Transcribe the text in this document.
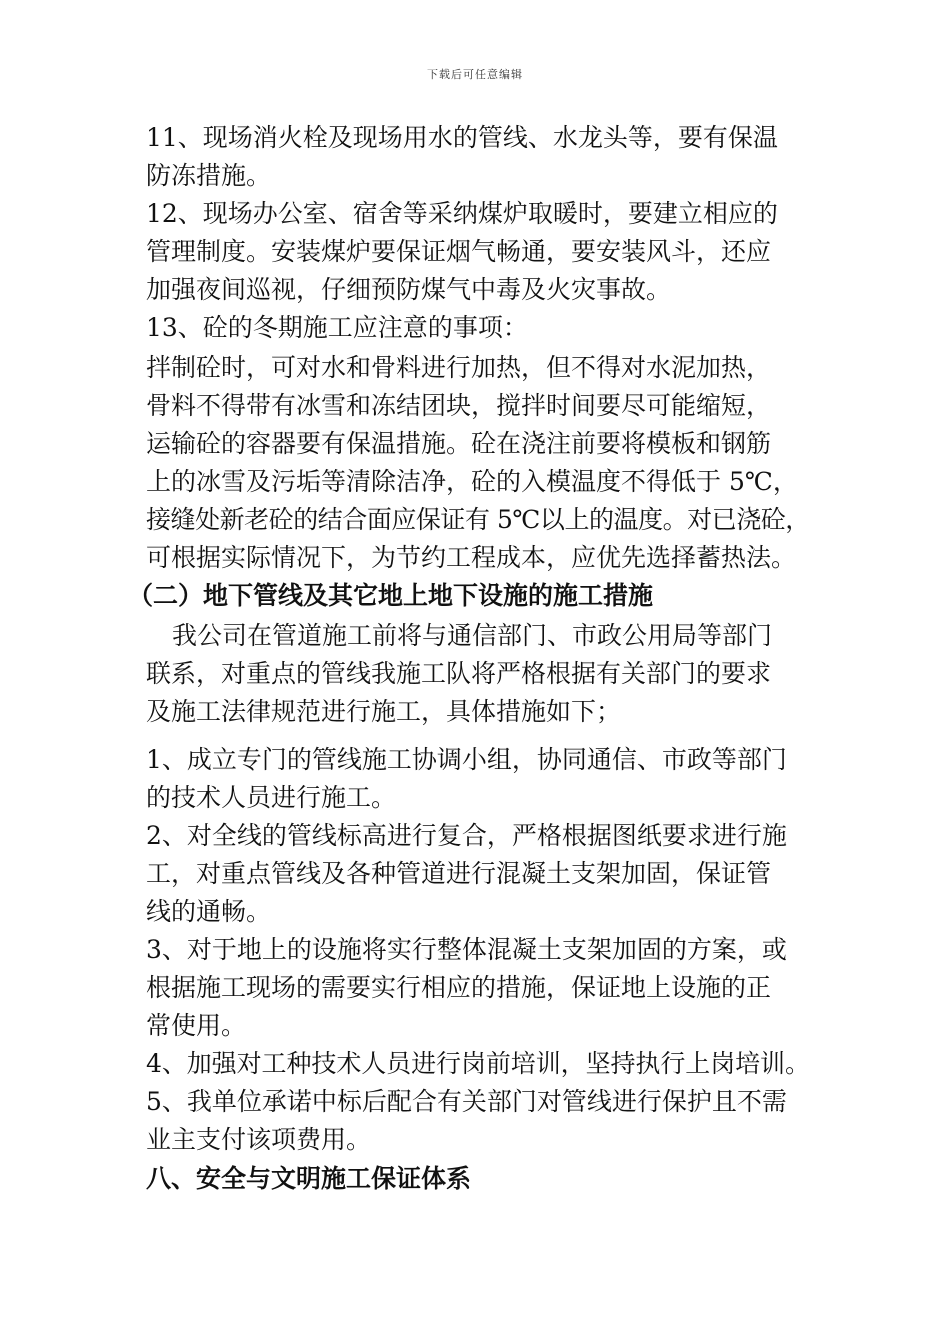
下载后可任意编辑
11、现场消火栓及现场用水的管线、水龙头等，要有保温
防冻措施。
12、现场办公室、宿舍等采纳煤炉取暖时，要建立相应的
管理制度。安装煤炉要保证烟气畅通，要安装风斗，还应
加强夜间巡视，仔细预防煤气中毒及火灾事故。
13、砼的冬期施工应注意的事项：
拌制砼时，可对水和骨料进行加热，但不得对水泥加热，
骨料不得带有冰雪和冻结团块，搅拌时间要尽可能缩短，
运输砼的容器要有保温措施。砼在浇注前要将模板和钢筋
上的冰雪及污垢等清除洁净，砼的入模温度不得低于 5℃，
接缝处新老砼的结合面应保证有 5℃以上的温度。对已浇砼，
可根据实际情况下，为节约工程成本，应优先选择蓄热法。
（二）地下管线及其它地上地下设施的施工措施
我公司在管道施工前将与通信部门、市政公用局等部门
联系，对重点的管线我施工队将严格根据有关部门的要求
及施工法律规范进行施工，具体措施如下；
1、成立专门的管线施工协调小组，协同通信、市政等部门
的技术人员进行施工。
2、对全线的管线标高进行复合，严格根据图纸要求进行施
工，对重点管线及各种管道进行混凝土支架加固，保证管
线的通畅。
3、对于地上的设施将实行整体混凝土支架加固的方案，或
根据施工现场的需要实行相应的措施，保证地上设施的正
常使用。
4、加强对工种技术人员进行岗前培训，坚持执行上岗培训。
5、我单位承诺中标后配合有关部门对管线进行保护且不需
业主支付该项费用。
八、安全与文明施工保证体系
